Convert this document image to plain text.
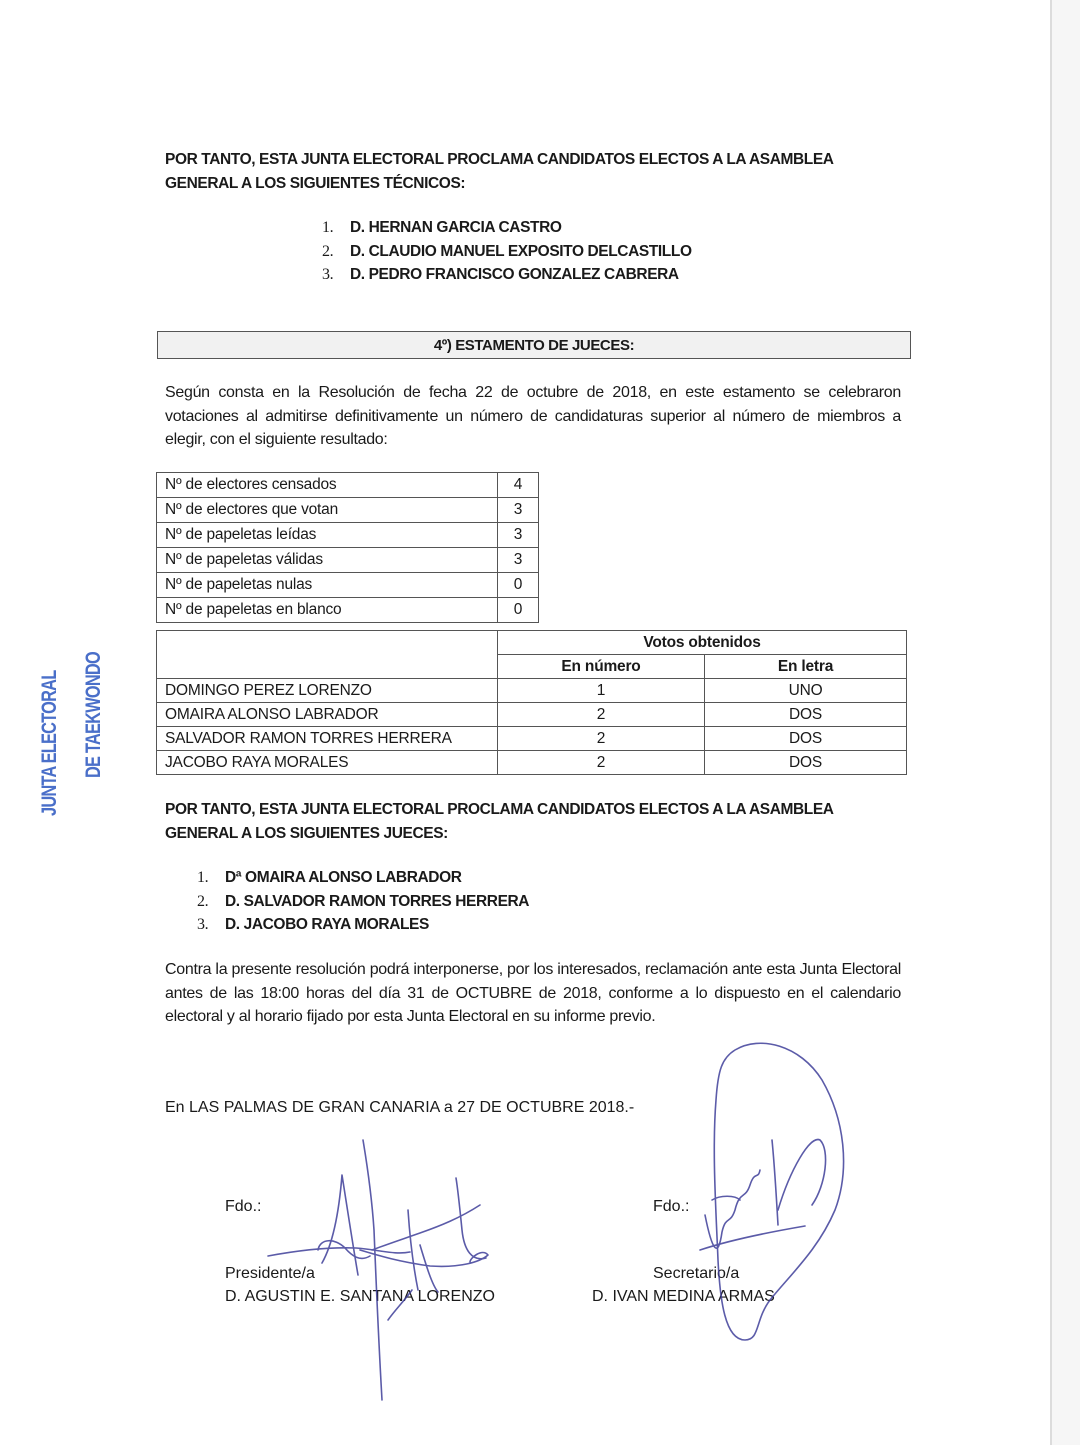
POR TANTO, ESTA JUNTA ELECTORAL PROCLAMA CANDIDATOS ELECTOS A LA ASAMBLEA GENERAL A LOS SIGUIENTES TÉCNICOS:
1.	D. HERNAN GARCIA CASTRO
2.	D. CLAUDIO MANUEL EXPOSITO DELCASTILLO
3.	D. PEDRO FRANCISCO GONZALEZ CABRERA
4º) ESTAMENTO DE JUECES:
Según consta en la Resolución de fecha 22 de octubre de 2018, en este estamento se celebraron votaciones al admitirse definitivamente un número de candidaturas superior al número de miembros a elegir, con el siguiente resultado:
Nº de electores censados	4
Nº de electores que votan	3
Nº de papeletas leídas	3
Nº de papeletas válidas	3
Nº de papeletas nulas	0
Nº de papeletas en blanco	0
	Votos obtenidos	
	En número	En letra
DOMINGO PEREZ LORENZO	1	UNO
OMAIRA ALONSO LABRADOR	2	DOS
SALVADOR RAMON TORRES HERRERA	2	DOS
JACOBO RAYA MORALES	2	DOS
JUNTA ELECTORAL DE TAEKWONDO
POR TANTO, ESTA JUNTA ELECTORAL PROCLAMA CANDIDATOS ELECTOS A LA ASAMBLEA GENERAL A LOS SIGUIENTES JUECES:
1.	Dª OMAIRA ALONSO LABRADOR
2.	D. SALVADOR RAMON TORRES HERRERA
3.	D. JACOBO RAYA MORALES
Contra la presente resolución podrá interponerse, por los interesados, reclamación ante esta Junta Electoral antes de las 18:00 horas del día 31 de OCTUBRE de 2018, conforme a lo dispuesto en el calendario electoral y al horario fijado por esta Junta Electoral en su informe previo.
En LAS PALMAS DE GRAN CANARIA a 27 DE OCTUBRE 2018.-
Fdo.:
Presidente/a
D. AGUSTIN E. SANTANA LORENZO
Fdo.:
Secretario/a
D. IVAN MEDINA ARMAS
